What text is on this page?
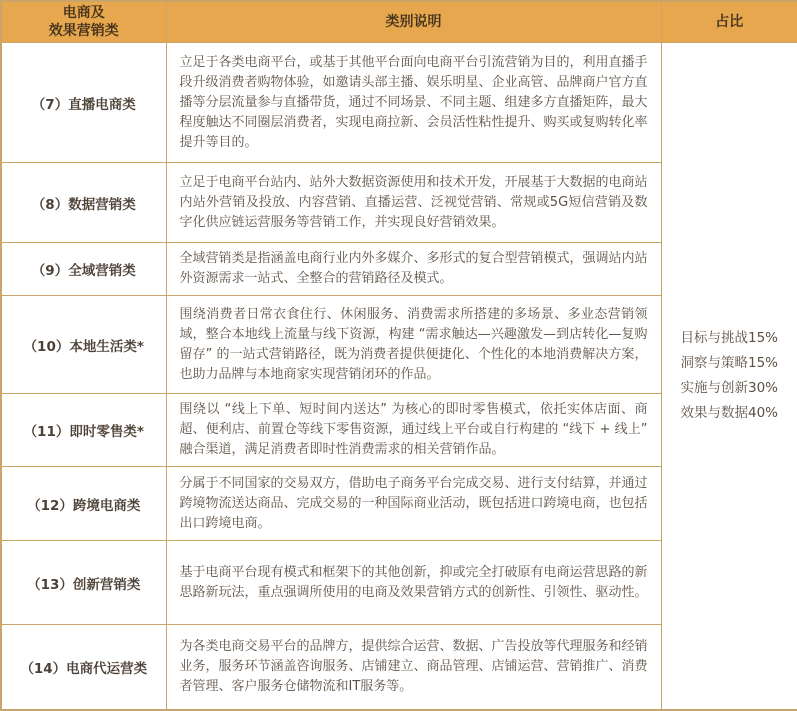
电商及
效果营销类	类别说明	占比
（7）直播电商类	立足于各类电商平台，或基于其他平台面向电商平台引流营销为目的，利用直播手段升级消费者购物体验，如邀请头部主播、娱乐明星、企业高管、品牌商户官方直播等分层流量参与直播带货，通过不同场景、不同主题、组建多方直播矩阵，最大程度触达不同圈层消费者，实现电商拉新、会员活性粘性提升、购买或复购转化率提升等目的。	目标与挑战15%
洞察与策略15%
实施与创新30%
效果与数据40%

（8）数据营销类	立足于电商平台站内、站外大数据资源使用和技术开发，开展基于大数据的电商站内站外营销及投放、内容营销、直播运营、泛视觉营销、常规或5G短信营销及数字化供应链运营服务等营销工作，并实现良好营销效果。	
（9）全域营销类	全域营销类是指涵盖电商行业内外多媒介、多形式的复合型营销模式，强调站内站外资源需求一站式、全整合的营销路径及模式。	
（10）本地生活类*	围绕消费者日常衣食住行、休闲服务、消费需求所搭建的多场景、多业态营销领域，整合本地线上流量与线下资源，构建 “需求触达—兴趣激发—到店转化—复购留存” 的一站式营销路径，既为消费者提供便捷化、个性化的本地消费解决方案，也助力品牌与本地商家实现营销闭环的作品。	
（11）即时零售类*	围绕以 “线上下单、短时间内送达” 为核心的即时零售模式，依托实体店面、商超、便利店、前置仓等线下零售资源，通过线上平台或自行构建的 “线下 + 线上” 融合渠道，满足消费者即时性消费需求的相关营销作品。	
（12）跨境电商类	分属于不同国家的交易双方，借助电子商务平台完成交易、进行支付结算，并通过跨境物流送达商品、完成交易的一种国际商业活动，既包括进口跨境电商，也包括出口跨境电商。	
（13）创新营销类	基于电商平台现有模式和框架下的其他创新，抑或完全打破原有电商运营思路的新思路新玩法，重点强调所使用的电商及效果营销方式的创新性、引领性、驱动性。	
（14）电商代运营类	为各类电商交易平台的品牌方，提供综合运营、数据、广告投放等代理服务和经销业务，服务环节涵盖咨询服务、店铺建立、商品管理、店铺运营、营销推广、消费者管理、客户服务仓储物流和IT服务等。	
